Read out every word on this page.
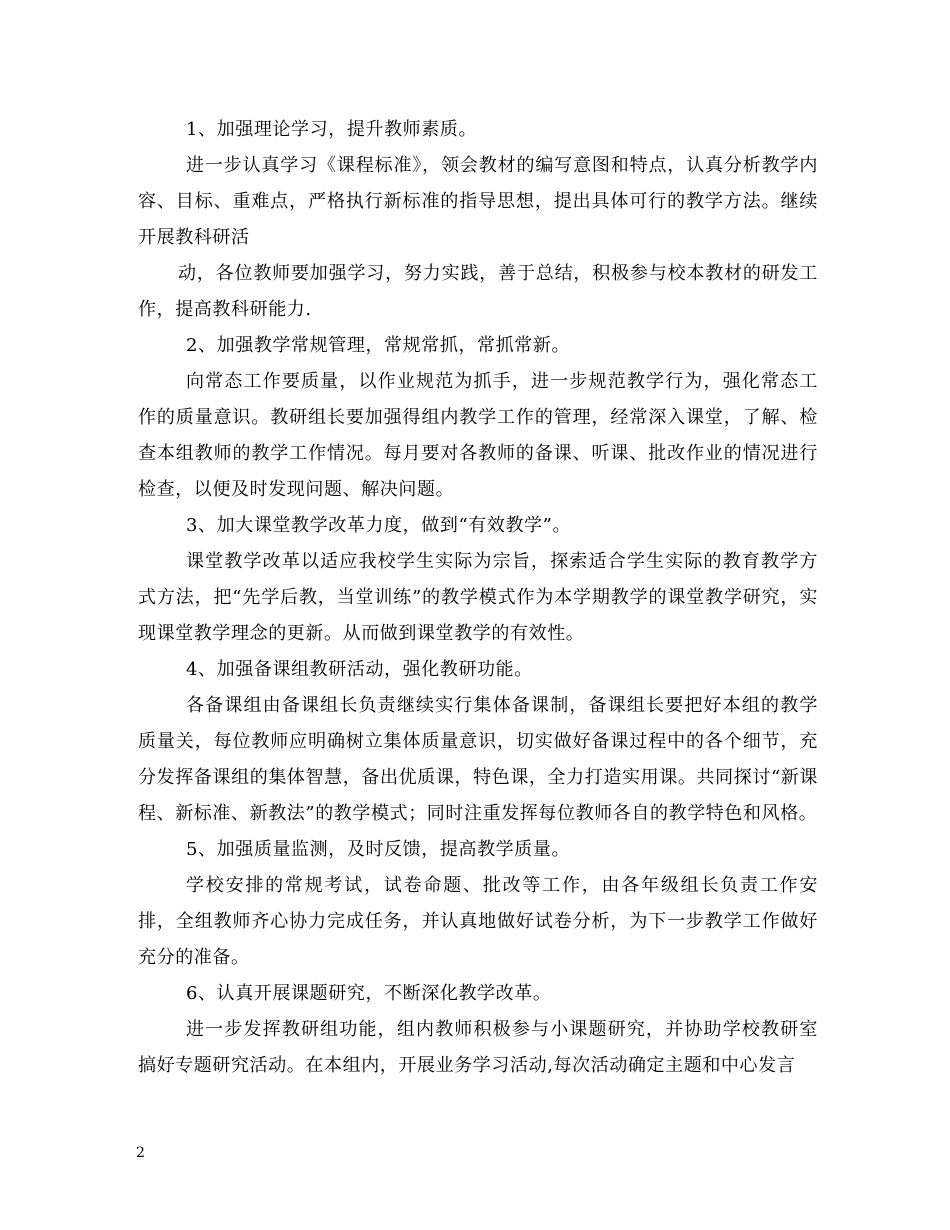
1、加强理论学习，提升教师素质。

进一步认真学习《课程标准》，领会教材的编写意图和特点，认真分析教学内容、目标、重难点，严格执行新标准的指导思想，提出具体可行的教学方法。继续开展教科研活

动，各位教师要加强学习，努力实践，善于总结，积极参与校本教材的研发工作，提高教科研能力.

2、加强教学常规管理，常规常抓，常抓常新。

向常态工作要质量，以作业规范为抓手，进一步规范教学行为，强化常态工作的质量意识。教研组长要加强得组内教学工作的管理，经常深入课堂，了解、检查本组教师的教学工作情况。每月要对各教师的备课、听课、批改作业的情况进行检查，以便及时发现问题、解决问题。

3、加大课堂教学改革力度，做到“有效教学”。

课堂教学改革以适应我校学生实际为宗旨，探索适合学生实际的教育教学方式方法，把“先学后教，当堂训练”的教学模式作为本学期教学的课堂教学研究，实现课堂教学理念的更新。从而做到课堂教学的有效性。

4、加强备课组教研活动，强化教研功能。

各备课组由备课组长负责继续实行集体备课制，备课组长要把好本组的教学质量关，每位教师应明确树立集体质量意识，切实做好备课过程中的各个细节，充分发挥备课组的集体智慧，备出优质课，特色课，全力打造实用课。共同探讨“新课程、新标准、新教法”的教学模式；同时注重发挥每位教师各自的教学特色和风格。

5、加强质量监测，及时反馈，提高教学质量。

学校安排的常规考试，试卷命题、批改等工作，由各年级组长负责工作安排，全组教师齐心协力完成任务，并认真地做好试卷分析，为下一步教学工作做好充分的准备。

6、认真开展课题研究，不断深化教学改革。

进一步发挥教研组功能，组内教师积极参与小课题研究，并协助学校教研室搞好专题研究活动。在本组内，开展业务学习活动,每次活动确定主题和中心发言

2
